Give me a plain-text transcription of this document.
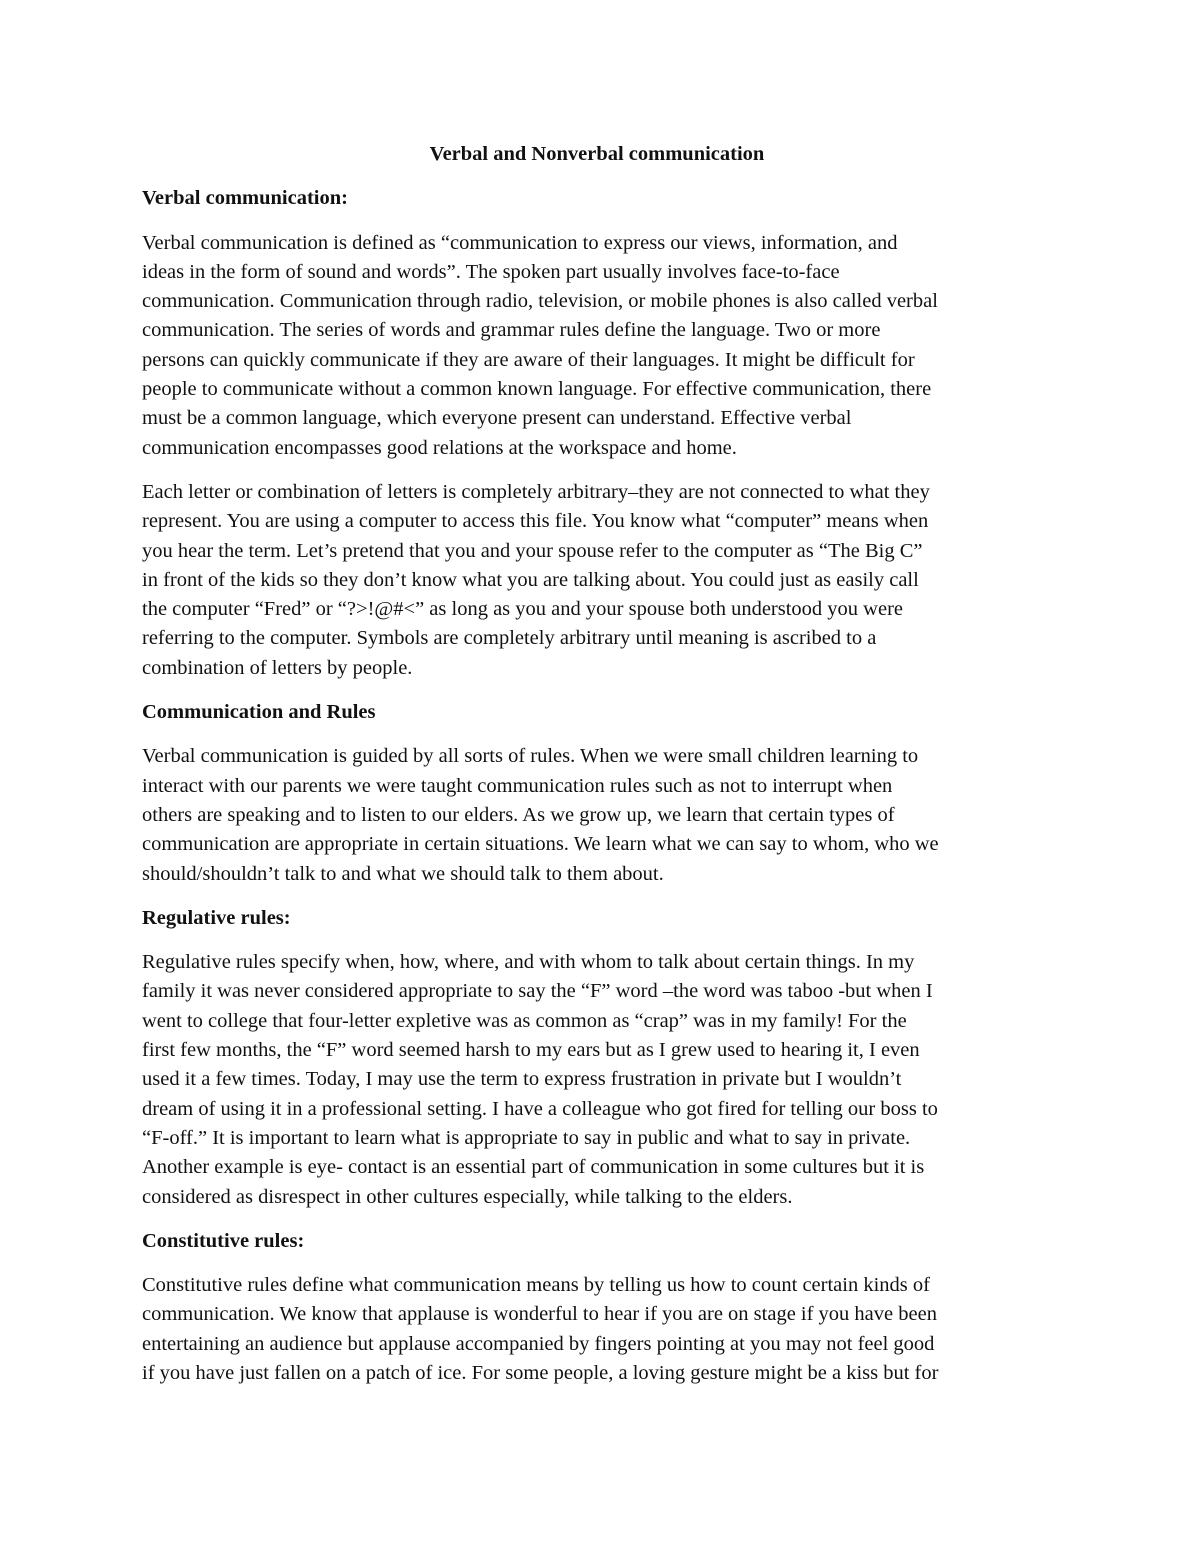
Verbal and Nonverbal communication
Verbal communication:
Verbal communication is defined as “communication to express our views, information, and
ideas in the form of sound and words”. The spoken part usually involves face-to-face
communication. Communication through radio, television, or mobile phones is also called verbal
communication. The series of words and grammar rules define the language. Two or more
persons can quickly communicate if they are aware of their languages. It might be difficult for
people to communicate without a common known language. For effective communication, there
must be a common language, which everyone present can understand. Effective verbal
communication encompasses good relations at the workspace and home.
Each letter or combination of letters is completely arbitrary–they are not connected to what they
represent. You are using a computer to access this file. You know what “computer” means when
you hear the term. Let’s pretend that you and your spouse refer to the computer as “The Big C”
in front of the kids so they don’t know what you are talking about. You could just as easily call
the computer “Fred” or “?>!@#<” as long as you and your spouse both understood you were
referring to the computer. Symbols are completely arbitrary until meaning is ascribed to a
combination of letters by people.
Communication and Rules
Verbal communication is guided by all sorts of rules. When we were small children learning to
interact with our parents we were taught communication rules such as not to interrupt when
others are speaking and to listen to our elders. As we grow up, we learn that certain types of
communication are appropriate in certain situations. We learn what we can say to whom, who we
should/shouldn’t talk to and what we should talk to them about.
Regulative rules:
Regulative rules specify when, how, where, and with whom to talk about certain things. In my
family it was never considered appropriate to say the “F” word –the word was taboo -but when I
went to college that four-letter expletive was as common as “crap” was in my family! For the
first few months, the “F” word seemed harsh to my ears but as I grew used to hearing it, I even
used it a few times. Today, I may use the term to express frustration in private but I wouldn’t
dream of using it in a professional setting. I have a colleague who got fired for telling our boss to
“F-off.” It is important to learn what is appropriate to say in public and what to say in private.
Another example is eye- contact is an essential part of communication in some cultures but it is
considered as disrespect in other cultures especially, while talking to the elders.
Constitutive rules:
Constitutive rules define what communication means by telling us how to count certain kinds of
communication. We know that applause is wonderful to hear if you are on stage if you have been
entertaining an audience but applause accompanied by fingers pointing at you may not feel good
if you have just fallen on a patch of ice. For some people, a loving gesture might be a kiss but for
